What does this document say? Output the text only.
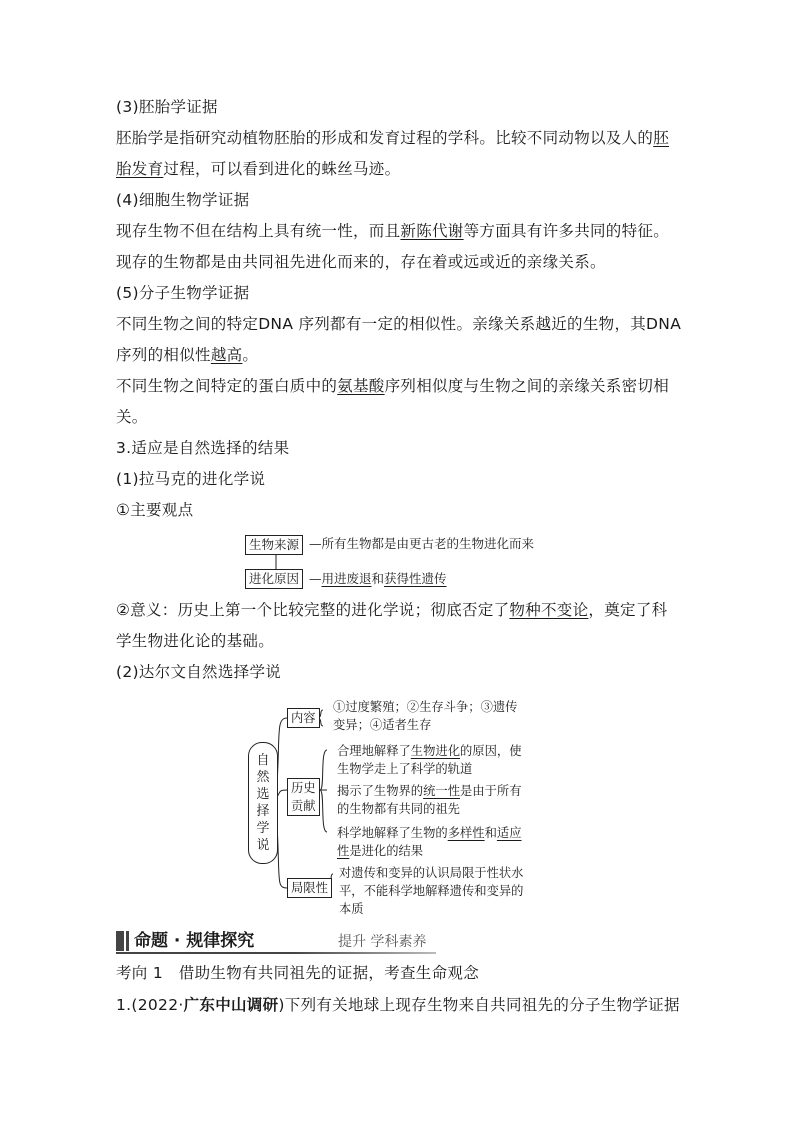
(3)胚胎学证据
胚胎学是指研究动植物胚胎的形成和发育过程的学科。比较不同动物以及人的胚
胎发育过程，可以看到进化的蛛丝马迹。
(4)细胞生物学证据
现存生物不但在结构上具有统一性，而且新陈代谢等方面具有许多共同的特征。
现存的生物都是由共同祖先进化而来的，存在着或远或近的亲缘关系。
(5)分子生物学证据
不同生物之间的特定DNA 序列都有一定的相似性。亲缘关系越近的生物，其DNA
序列的相似性越高。
不同生物之间特定的蛋白质中的氨基酸序列相似度与生物之间的亲缘关系密切相
关。
3.适应是自然选择的结果
(1)拉马克的进化学说
①主要观点
②意义：历史上第一个比较完整的进化学说；彻底否定了物种不变论，奠定了科
学生物进化论的基础。
(2)达尔文自然选择学说
生物来源 —所有生物都是由更古老的生物进化而来
进化原因 —用进废退和获得性遗传
自
然
选
择
学
说
内容
①过度繁殖；②生存斗争；③遗传
变异；④适者生存
历史
贡献
合理地解释了生物进化的原因，使
生物学走上了科学的轨道
揭示了生物界的统一性是由于所有
的生物都有共同的祖先
科学地解释了生物的多样性和适应
性是进化的结果
局限性
对遗传和变异的认识局限于性状水
平，不能科学地解释遗传和变异的
本质
命题 · 规律探究	提升 学科素养
考向 1　借助生物有共同祖先的证据，考查生命观念
1.(2022·广东中山调研)下列有关地球上现存生物来自共同祖先的分子生物学证据
